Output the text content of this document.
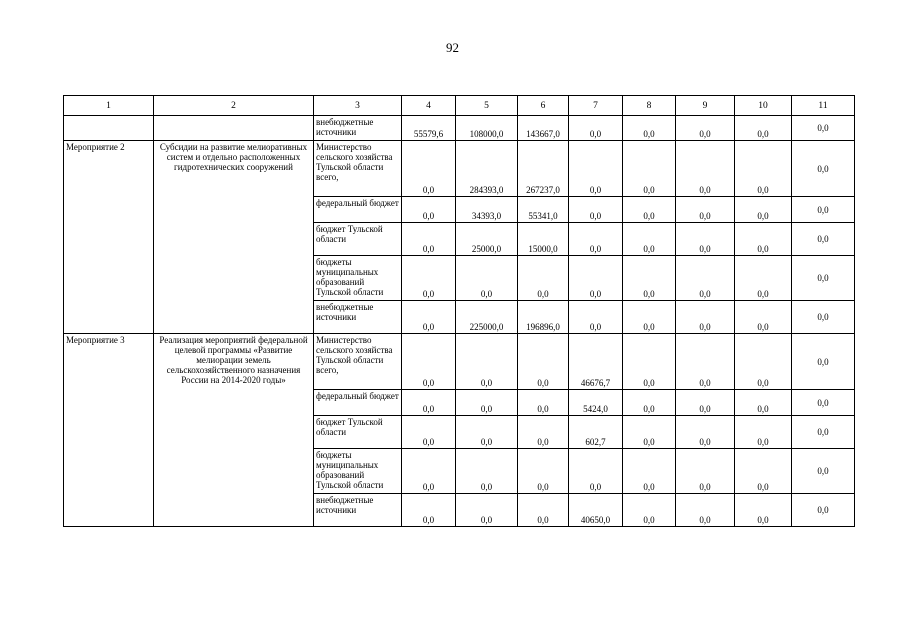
92
1	2	3	4	5	6	7	8	9	10	11
		внебюджетные источники	55579,6	108000,0	143667,0	0,0	0,0	0,0	0,0	0,0
Мероприятие 2	Субсидии на развитие мелиоративных систем и отдельно расположенных гидротехнических сооружений	Министерство сельского хозяйства Тульской области всего,	0,0	284393,0	267237,0	0,0	0,0	0,0	0,0	0,0
		федеральный бюджет	0,0	34393,0	55341,0	0,0	0,0	0,0	0,0	0,0
		бюджет Тульской области	0,0	25000,0	15000,0	0,0	0,0	0,0	0,0	0,0
		бюджеты муниципальных образований Тульской области	0,0	0,0	0,0	0,0	0,0	0,0	0,0	0,0
		внебюджетные источники	0,0	225000,0	196896,0	0,0	0,0	0,0	0,0	0,0
Мероприятие 3	Реализация мероприятий федеральной целевой программы «Развитие мелиорации земель сельскохозяйственного назначения России на 2014-2020 годы»	Министерство сельского хозяйства Тульской области всего,	0,0	0,0	0,0	46676,7	0,0	0,0	0,0	0,0
		федеральный бюджет	0,0	0,0	0,0	5424,0	0,0	0,0	0,0	0,0
		бюджет Тульской области	0,0	0,0	0,0	602,7	0,0	0,0	0,0	0,0
		бюджеты муниципальных образований Тульской области	0,0	0,0	0,0	0,0	0,0	0,0	0,0	0,0
		внебюджетные источники	0,0	0,0	0,0	40650,0	0,0	0,0	0,0	0,0
